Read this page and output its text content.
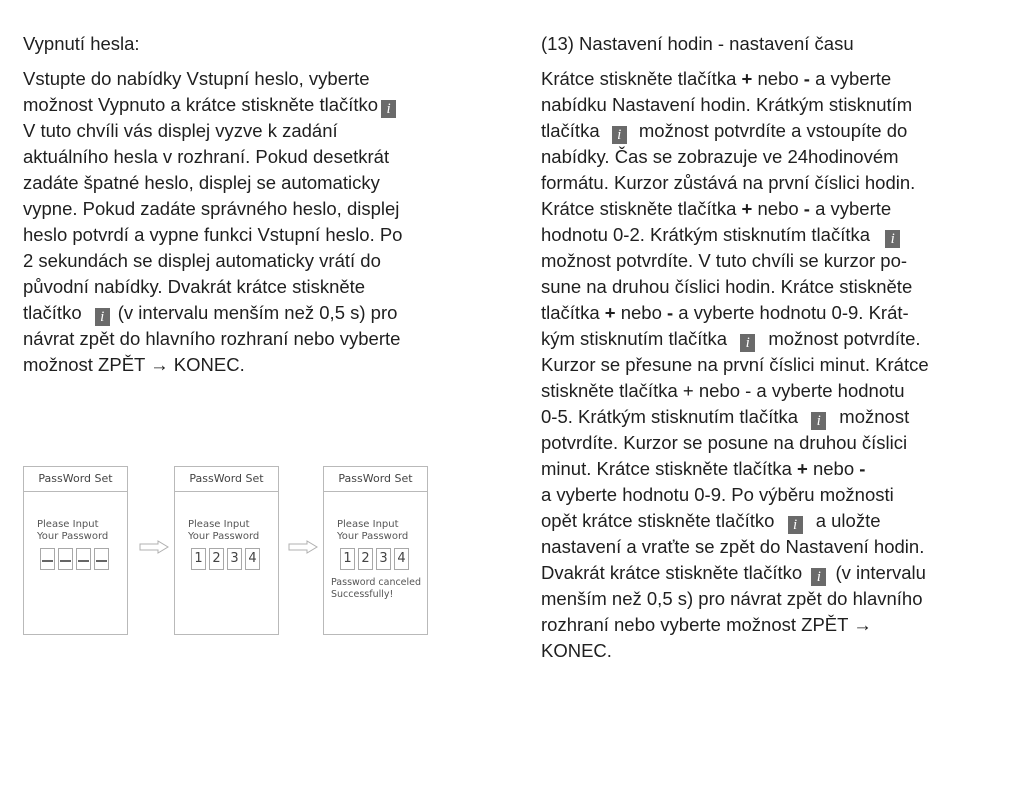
Vypnutí hesla:
Vstupte do nabídky Vstupní heslo, vyberte
možnost Vypnuto a krátce stiskněte tlačítkoi
V tuto chvíli vás displej vyzve k zadání
aktuálního hesla v rozhraní. Pokud desetkrát
zadáte špatné heslo, displej se automaticky
vypne. Pokud zadáte správného heslo, displej
heslo potvrdí a vypne funkci Vstupní heslo. Po
2 sekundách se displej automaticky vrátí do
původní nabídky. Dvakrát krátce stiskněte
tlačítko i (v intervalu menším než 0,5 s) pro
návrat zpět do hlavního rozhraní nebo vyberte
možnost ZPĚT → KONEC.
PassWord Set
Please Input
Your Password
PassWord Set
Please Input
Your Password
1 2 3 4
PassWord Set
Please Input
Your Password
1 2 3 4
Password canceled
Successfully!
(13) Nastavení hodin - nastavení času
Krátce stiskněte tlačítka + nebo - a vyberte
nabídku Nastavení hodin. Krátkým stisknutím
tlačítka i možnost potvrdíte a vstoupíte do
nabídky. Čas se zobrazuje ve 24hodinovém
formátu. Kurzor zůstává na první číslici hodin.
Krátce stiskněte tlačítka + nebo - a vyberte
hodnotu 0-2. Krátkým stisknutím tlačítka i
možnost potvrdíte. V tuto chvíli se kurzor po-
sune na druhou číslici hodin. Krátce stiskněte
tlačítka + nebo - a vyberte hodnotu 0-9. Krát-
kým stisknutím tlačítka i možnost potvrdíte.
Kurzor se přesune na první číslici minut. Krátce
stiskněte tlačítka + nebo - a vyberte hodnotu
0-5. Krátkým stisknutím tlačítka i možnost
potvrdíte. Kurzor se posune na druhou číslici
minut. Krátce stiskněte tlačítka + nebo -
a vyberte hodnotu 0-9. Po výběru možnosti
opět krátce stiskněte tlačítko i a uložte
nastavení a vraťte se zpět do Nastavení hodin.
Dvakrát krátce stiskněte tlačítko i (v intervalu
menším než 0,5 s) pro návrat zpět do hlavního
rozhraní nebo vyberte možnost ZPĚT →
KONEC.
